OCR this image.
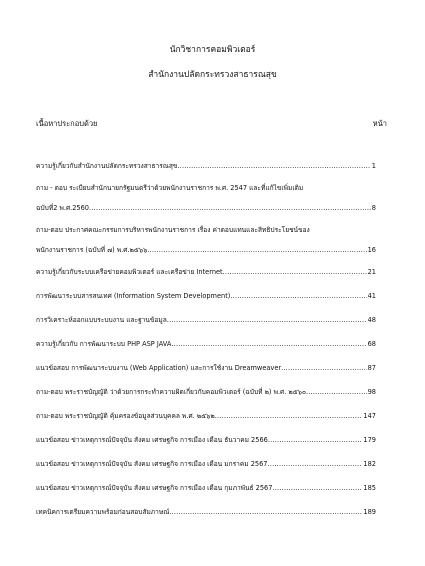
นักวิชาการคอมพิวเตอร์
สำนักงานปลัดกระทรวงสาธารณสุข
เนื้อหาประกอบด้วย	หน้า
ความรู้เกี่ยวกับสำนักงานปลัดกระทรวงสาธารณสุข .....	1
ถาม - ตอบ ระเบียบสำนักนายกรัฐมนตรีว่าด้วยพนักงานราชการ พ.ศ. 2547 และที่แก้ไขเพิ่มเติม
ฉบับที่2 พ.ศ.2560 .....	8
ถาม-ตอบ ประกาศคณะกรรมการบริหารพนักงานราชการ เรื่อง ค่าตอบแทนและสิทธิประโยชน์ของ
พนักงานราชการ (ฉบับที่ ๗) พ.ศ.๒๕๖๖ .....	16
ความรู้เกี่ยวกับระบบเครือข่ายคอมพิวเตอร์ และเครือข่าย Internet .....	21
การพัฒนาระบบสารสนเทศ (Information System Development) .....	41
การวิเคราะห์ออกแบบระบบงาน และฐานข้อมูล .....	48
ความรู้เกี่ยวกับ การพัฒนาระบบ PHP ASP JAVA .....	68
แนวข้อสอบ การพัฒนาระบบงาน (Web Application) และการใช้งาน Dreamweaver .....	87
ถาม-ตอบ พระราชบัญญัติ ว่าด้วยการกระทำความผิดเกี่ยวกับคอมพิวเตอร์ (ฉบับที่ ๒) พ.ศ. ๒๕๖๐ .....	98
ถาม-ตอบ พระราชบัญญัติ คุ้มครองข้อมูลส่วนบุคคล พ.ศ. ๒๕๖๒ .....	147
แนวข้อสอบ ข่าวเหตุการณ์ปัจจุบัน สังคม เศรษฐกิจ การเมือง เดือน ธันวาคม 2566 .....	179
แนวข้อสอบ ข่าวเหตุการณ์ปัจจุบัน สังคม เศรษฐกิจ การเมือง เดือน มกราคม 2567 .....	182
แนวข้อสอบ ข่าวเหตุการณ์ปัจจุบัน สังคม เศรษฐกิจ การเมือง เดือน กุมภาพันธ์ 2567 .....	185
เทคนิคการเตรียมความพร้อมก่อนสอบสัมภาษณ์ .....	189
